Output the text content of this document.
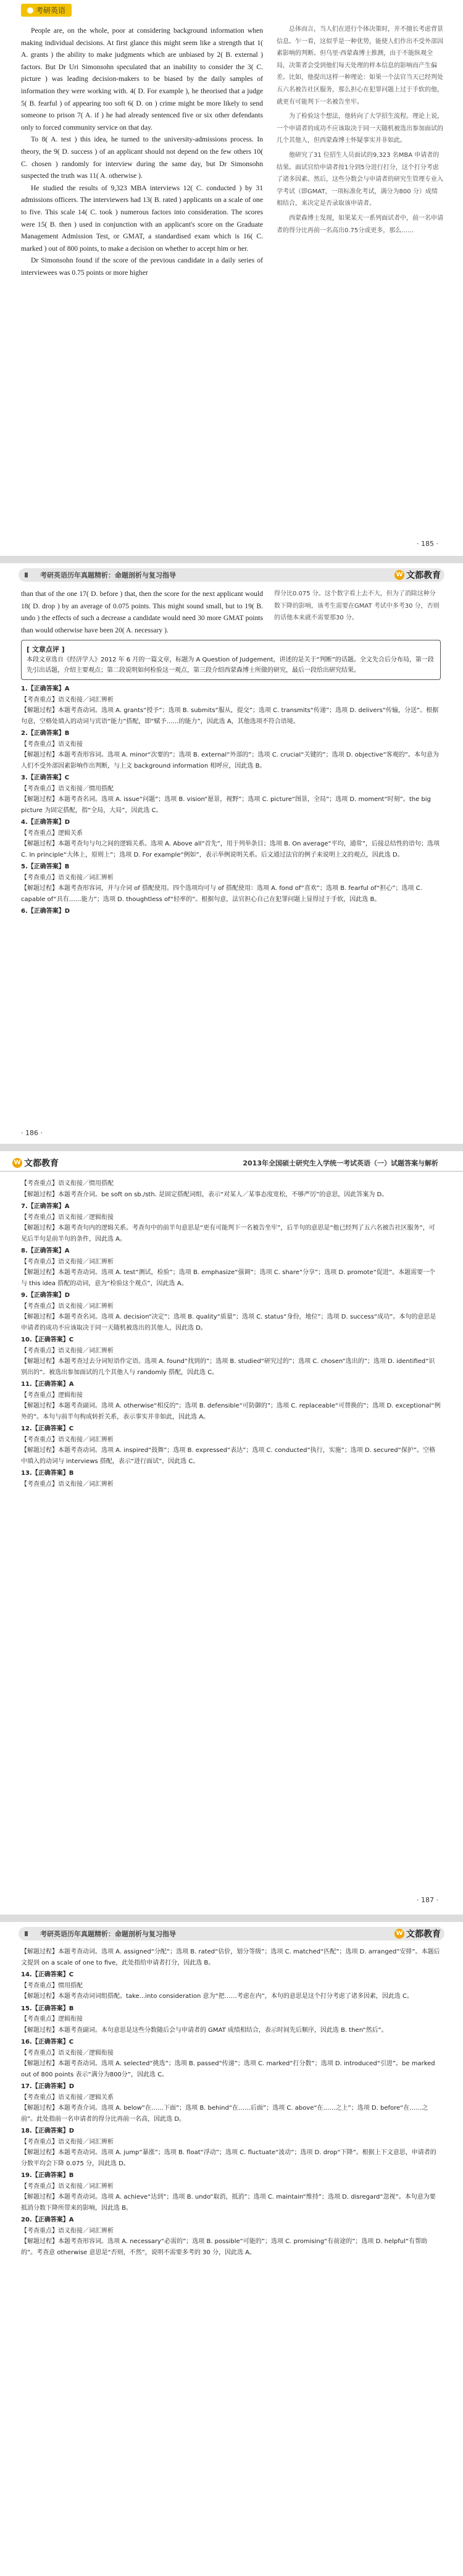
考研英语

People are, on the whole, poor at considering background information when making individual decisions. At first glance this might seem like a strength that 1( A. grants ) the ability to make judgments which are unbiased by 2( B. external ) factors. But Dr Uri Simonsohn speculated that an inability to consider the 3( C. picture ) was leading decision-makers to be biased by the daily samples of information they were working with. 4( D. For example ), he theorised that a judge 5( B. fearful ) of appearing too soft 6( D. on ) crime might be more likely to send someone to prison 7( A. if ) he had already sentenced five or six other defendants only to forced community service on that day.

To 8( A. test ) this idea, he turned to the university-admissions process. In theory, the 9( D. success ) of an applicant should not depend on the few others 10( C. chosen ) randomly for interview during the same day, but Dr Simonsohn suspected the truth was 11( A. otherwise ).

He studied the results of 9,323 MBA interviews 12( C. conducted ) by 31 admissions officers. The interviewers had 13( B. rated ) applicants on a scale of one to five. This scale 14( C. took ) numerous factors into consideration. The scores were 15( B. then ) used in conjunction with an applicant's score on the Graduate Management Admission Test, or GMAT, a standardised exam which is 16( C. marked ) out of 800 points, to make a decision on whether to accept him or her.

Dr Simonsohn found if the score of the previous candidate in a daily series of interviewees was 0.75 points or more higher

总体而言，当人们在进行个体决策时，并不擅长考虑背景信息。乍一看，这似乎是一种优势，能使人们作出不受外部因素影响的判断。但乌里·西蒙森博士推测，由于不能纵观全局，决策者会受到他们每天处理的样本信息的影响而产生偏差。比如，他提出这样一种理论：如果一个法官当天已经判处五六名被告社区服务，那么担心在犯罪问题上过于手软的他，就更有可能判下一名被告坐牢。

为了检验这个想法，他转向了大学招生流程。理论上说，一个申请者的成功不应该取决于同一天随机被选出参加面试的几个其他人，但西蒙森博士怀疑事实并非如此。

他研究了31 位招生人员面试的9,323 名MBA 申请者的结果。面试官给申请者按1分到5分进行打分，这个打分考虑了诸多因素。然后，这些分数会与申请者的研究生管理专业入学考试（即GMAT，一项标准化考试，满分为800 分）成绩相结合，来决定是否录取该申请者。

西蒙森博士发现，如果某天一系列面试者中，前一名申请者的得分比再前一名高出0.75分或更多，那么……

· 185 ·
考研英语历年真题精析：命题剖析与复习指导	W 文都教育
than that of the one 17( D. before ) that, then the score for the next applicant would 18( D. drop ) by an average of 0.075 points. This might sound small, but to 19( B. undo ) the effects of such a decrease a candidate would need 30 more GMAT points than would otherwise have been 20( A. necessary ).
得分比0.075 分。这个数字看上去不大，但为了消除这种分数下降的影响，该考生需要在GMAT 考试中多考30 分，否则的话他本来就不需要那30 分。
[ 文章点评 ]
本段文章选自《经济学人》2012 年 6 月的一篇文章，标题为 A Question of Judgement，讲述的是关于“判断”的话题。全文先合后分布局，第一段先引出话题，介绍主要观点；第二段说明如何检验这一观点，第三段介绍西蒙森博士所做的研究，最后一段给出研究结果。
1.【正确答案】A
【考查重点】语义衔接／词汇辨析
【解题过程】本题考查动词。选项 A. grants“授予”；选项 B. submits“服从，提交”；选项 C. transmits“传递”；选项 D. delivers“传输，分送”。根据句意，空格处填入的动词与宾语“能力”搭配，即“赋予……的能力”，因此选 A，其他选项不符合语境。
2.【正确答案】B
【考查重点】语义衔接
【解题过程】本题考查形容词。选项 A. minor“次要的”；选项 B. external“外部的”；选项 C. crucial“关键的”；选项 D. objective“客观的”。本句意为人们不受外部因素影响作出判断，与上文 background information 相呼应，因此选 B。
3.【正确答案】C
【考查重点】语义衔接／惯用搭配
【解题过程】本题考查名词。选项 A. issue“问题”；选项 B. vision“愿景，视野”；选项 C. picture“图景，全局”；选项 D. moment“时刻”。the big picture 为固定搭配，指“全局，大局”，因此选 C。
4.【正确答案】D
【考查重点】逻辑关系
【解题过程】本题考查句与句之间的逻辑关系。选项 A. Above all“首先”，用于列举条目；选项 B. On average“平均，通常”，后接总结性的语句；选项 C. In principle“大体上，原则上”；选项 D. For example“例如”，表示举例说明关系。后文通过法官的例子来说明上文的观点，因此选 D。
5.【正确答案】B
【考查重点】语义衔接／词汇辨析
【解题过程】本题考查形容词，并与介词 of 搭配使用。四个选项均可与 of 搭配使用：选项 A. fond of“喜欢”；选项 B. fearful of“担心”；选项 C. capable of“具有……能力”；选项 D. thoughtless of“轻率的”。根据句意，法官担心自己在犯罪问题上显得过于手软，因此选 B。
6.【正确答案】D
· 186 ·
W 文都教育	2013年全国硕士研究生入学统一考试英语（一）试题答案与解析
【考查重点】语义衔接／惯用搭配
【解题过程】本题考查介词。be soft on sb./sth. 是固定搭配词组，表示“对某人／某事态度宽松，不够严厉”的意思，因此答案为 D。
7.【正确答案】A
【考查重点】语义衔接／逻辑衔接
【解题过程】本题考查句内的逻辑关系。考查句中的前半句意思是“更有可能判下一名被告坐牢”，后半句的意思是“他已经判了五六名被告社区服务”，可见后半句是前半句的条件，因此选 A。
8.【正确答案】A
【考查重点】语义衔接／词汇辨析
【解题过程】本题考查动词。选项 A. test“测试，检验”；选项 B. emphasize“强调”；选项 C. share“分享”；选项 D. promote“促进”。本题需要一个与 this idea 搭配的动词，意为“检验这个观点”，因此选 A。
9.【正确答案】D
【考查重点】语义衔接／词汇辨析
【解题过程】本题考查名词。选项 A. decision“决定”；选项 B. quality“质量”；选项 C. status“身份，地位”；选项 D. success“成功”。本句的意思是申请者的成功不应该取决于同一天随机被选出的其他人，因此选 D。
10.【正确答案】C
【考查重点】语义衔接／词汇辨析
【解题过程】本题考查过去分词短语作定语。选项 A. found“找到的”；选项 B. studied“研究过的”；选项 C. chosen“选出的”；选项 D. identified“识别出的”。被选出参加面试的几个其他人与 randomly 搭配，因此选 C。
11.【正确答案】A
【考查重点】逻辑衔接
【解题过程】本题考查副词。选项 A. otherwise“相反的”；选项 B. defensible“可防御的”；选项 C. replaceable“可替换的”；选项 D. exceptional“例外的”。本句与前半句构成转折关系，表示事实并非如此，因此选 A。
12.【正确答案】C
【考查重点】语义衔接／词汇辨析
【解题过程】本题考查动词。选项 A. inspired“鼓舞”；选项 B. expressed“表达”；选项 C. conducted“执行，实施”；选项 D. secured“保护”。空格中填入的动词与 interviews 搭配，表示“进行面试”，因此选 C。
13.【正确答案】B
【考查重点】语义衔接／词汇辨析
· 187 ·
考研英语历年真题精析：命题剖析与复习指导	W 文都教育
【解题过程】本题考查动词。选项 A. assigned“分配”；选项 B. rated“估价，划分等级”；选项 C. matched“匹配”；选项 D. arranged“安排”。本题后文提到 on a scale of one to five，此处指给申请者打分，因此选 B。
14.【正确答案】C
【考查重点】惯用搭配
【解题过程】本题考查动词词组搭配。take...into consideration 意为“把……考虑在内”，本句的意思是这个打分考虑了诸多因素，因此选 C。
15.【正确答案】B
【考查重点】逻辑衔接
【解题过程】本题考查副词。本句意思是这些分数随后会与申请者的 GMAT 成绩相结合，表示时间先后顺序，因此选 B. then“然后”。
16.【正确答案】C
【考查重点】语义衔接／逻辑衔接
【解题过程】本题考查动词。选项 A. selected“挑选”；选项 B. passed“传递”；选项 C. marked“打分数”；选项 D. introduced“引进”。be marked out of 800 points 表示“满分为800分”，因此选 C。
17.【正确答案】D
【考查重点】语义衔接／逻辑关系
【解题过程】本题考查介词。选项 A. below“在……下面”；选项 B. behind“在……后面”；选项 C. above“在……之上”；选项 D. before“在……之前”。此处指前一名申请者的得分比再前一名高，因此选 D。
18.【正确答案】D
【考查重点】语义衔接／词汇辨析
【解题过程】本题考查动词。选项 A. jump“暴涨”；选项 B. float“浮动”；选项 C. fluctuate“波动”；选项 D. drop“下降”。根据上下文意思，申请者的分数平均会下降 0.075 分，因此选 D。
19.【正确答案】B
【考查重点】语义衔接／词汇辨析
【解题过程】本题考查动词。选项 A. achieve“达到”；选项 B. undo“取消，抵消”；选项 C. maintain“维持”；选项 D. disregard“忽视”。本句意为要抵消分数下降所带来的影响，因此选 B。
20.【正确答案】A
【考查重点】语义衔接／词汇辨析
【解题过程】本题考查形容词。选项 A. necessary“必需的”；选项 B. possible“可能的”；选项 C. promising“有前途的”；选项 D. helpful“有帮助的”。考查意 otherwise 意思是“否则，不然”，说明不需要多考的 30 分，因此选 A。
